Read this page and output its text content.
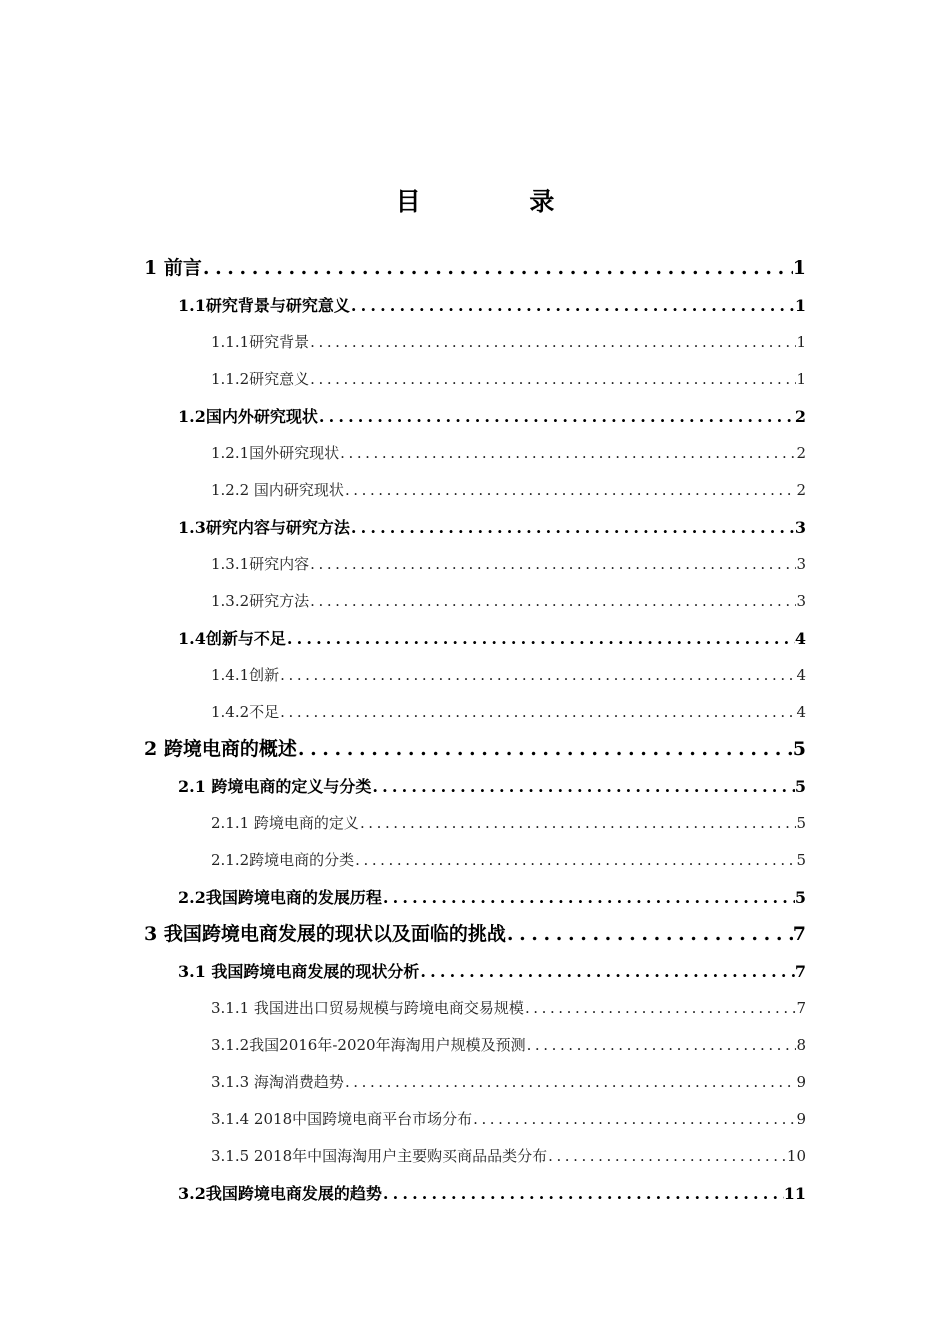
目 录
1 前言 . . .	1
1.1研究背景与研究意义 . . .	1
1.1.1研究背景 . . .	1
1.1.2研究意义 . . .	1
1.2国内外研究现状 . . .	2
1.2.1国外研究现状 . . .	2
1.2.2 国内研究现状 . . .	2
1.3研究内容与研究方法 . . .	3
1.3.1研究内容 . . .	3
1.3.2研究方法 . . .	3
1.4创新与不足 . . .	4
1.4.1创新 . . .	4
1.4.2不足 . . .	4
2 跨境电商的概述 . . .	5
2.1 跨境电商的定义与分类 . . .	5
2.1.1 跨境电商的定义 . . .	5
2.1.2跨境电商的分类 . . .	5
2.2我国跨境电商的发展历程 . . .	5
3 我国跨境电商发展的现状以及面临的挑战 . . .	7
3.1 我国跨境电商发展的现状分析 . . .	7
3.1.1 我国进出口贸易规模与跨境电商交易规模 . . .	7
3.1.2我国2016年-2020年海淘用户规模及预测 . . .	8
3.1.3 海淘消费趋势 . . .	9
3.1.4 2018中国跨境电商平台市场分布 . . .	9
3.1.5 2018年中国海淘用户主要购买商品品类分布 . . .	10
3.2我国跨境电商发展的趋势 . . .	11
